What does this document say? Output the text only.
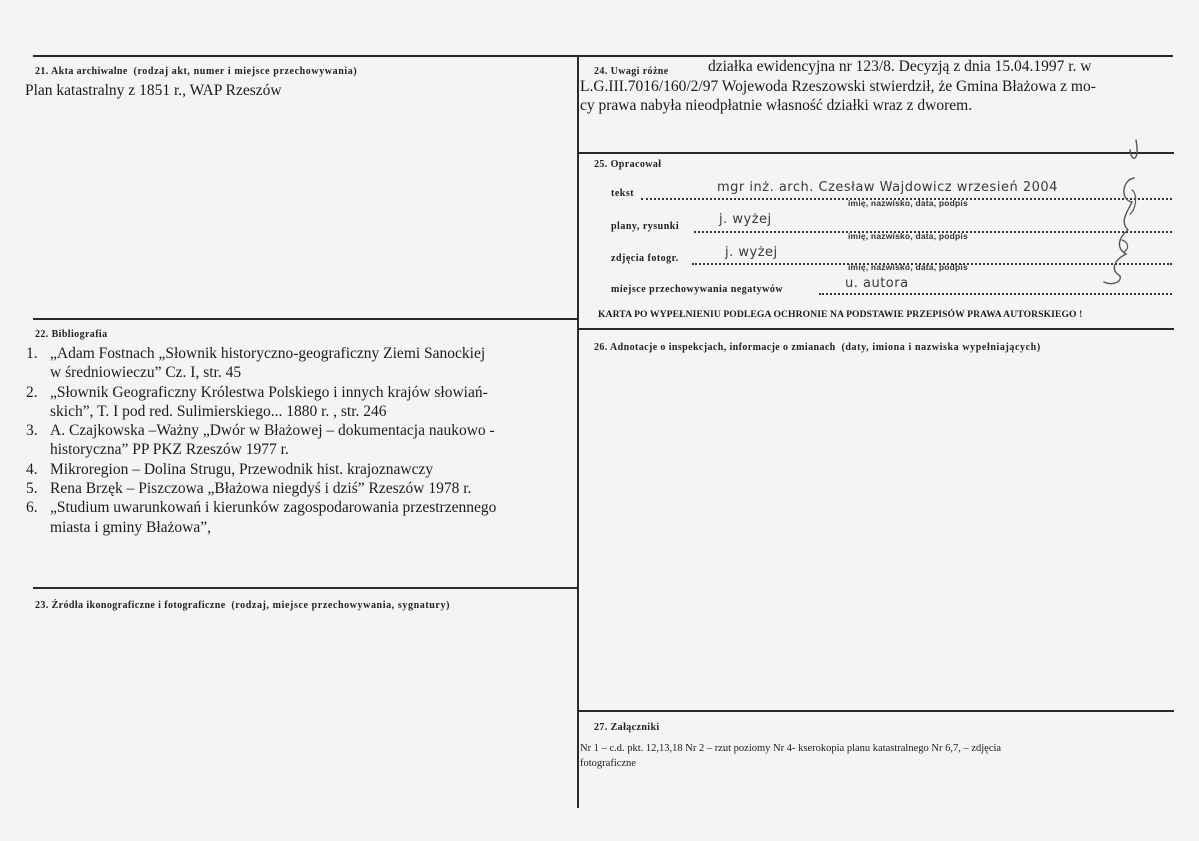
21. Akta archiwalne (rodzaj akt, numer i miejsce przechowywania)
Plan katastralny z 1851 r., WAP Rzeszów
22. Bibliografia
1. „Adam Fostnach „Słownik historyczno-geograficzny Ziemi Sanockiej
w średniowieczu” Cz. I, str. 45
2. „Słownik Geograficzny Królestwa Polskiego i innych krajów słowiań-
skich”, T. I pod red. Sulimierskiego... 1880 r. , str. 246
3. A. Czajkowska –Ważny „Dwór w Błażowej – dokumentacja naukowo -
historyczna” PP PKZ Rzeszów 1977 r.
4. Mikroregion – Dolina Strugu, Przewodnik hist. krajoznawczy
5. Rena Brzęk – Piszczowa „Błażowa niegdyś i dziś” Rzeszów 1978 r.
6. „Studium uwarunkowań i kierunków zagospodarowania przestrzennego
miasta i gminy Błażowa”,
23. Źródła ikonograficzne i fotograficzne (rodzaj, miejsce przechowywania, sygnatury)
24. Uwagi różne	działka ewidencyjna nr 123/8. Decyzją z dnia 15.04.1997 r. w
L.G.III.7016/160/2/97 Wojewoda Rzeszowski stwierdził, że Gmina Błażowa z mo-
cy prawa nabyła nieodpłatnie własność działki wraz z dworem.
25. Opracował
tekst	mgr inż. arch. Czesław Wajdowicz wrzesień 2004
imię, nazwisko, data, podpis
plany, rysunki	j. wyżej
imię, nazwisko, data, podpis
zdjęcia fotogr.	j. wyżej
imię, nazwisko, data, podpis
miejsce przechowywania negatywów	u. autora
KARTA PO WYPEŁNIENIU PODLEGA OCHRONIE NA PODSTAWIE PRZEPISÓW PRAWA AUTORSKIEGO !
26. Adnotacje o inspekcjach, informacje o zmianach (daty, imiona i nazwiska wypełniających)
27. Załączniki
Nr 1 – c.d. pkt. 12,13,18 Nr 2 – rzut poziomy Nr 4- kserokopia planu katastralnego Nr 6,7, – zdjęcia
fotograficzne
